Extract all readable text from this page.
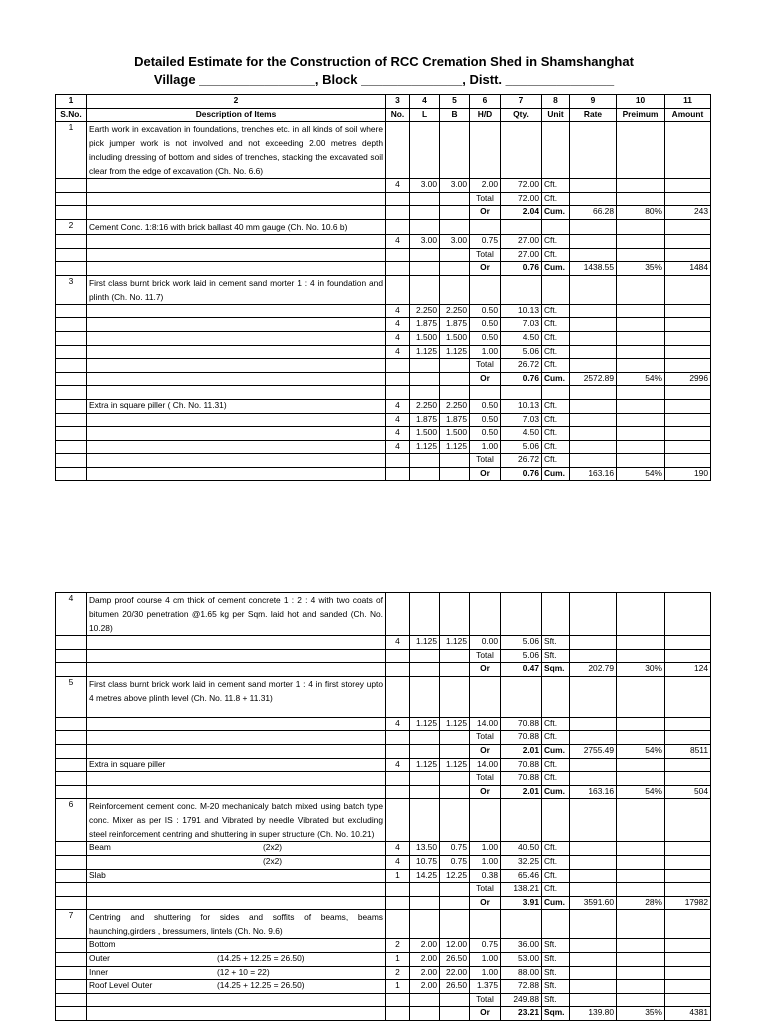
Detailed Estimate for the Construction of RCC Cremation Shed in Shamshanghat
Village ________________, Block ______________, Distt. _______________
1	2	3	4	5	6	7	8	9	10	11
S.No.	Description of Items	No.	L	B	H/D	Qty.	Unit	Rate	Preimum	Amount
1	Earth work in excavation in foundations, trenches etc. in all kinds of soil where pick jumper work is not involved and not exceeding 2.00 metres depth including dressing of bottom and sides of trenches, stacking the excavated soil clear from the edge of excavation (Ch. No. 6.6)									
		4	3.00	3.00	2.00	72.00	Cft.			
					Total	72.00	Cft.			
					Or	2.04	Cum.	66.28	80%	243
2	Cement Conc. 1:8:16 with brick ballast 40 mm gauge (Ch. No. 10.6 b)									
		4	3.00	3.00	0.75	27.00	Cft.			
					Total	27.00	Cft.			
					Or	0.76	Cum.	1438.55	35%	1484
3	First class burnt brick work laid in cement sand morter 1 : 4 in foundation and plinth (Ch. No. 11.7)									
		4	2.250	2.250	0.50	10.13	Cft.			
		4	1.875	1.875	0.50	7.03	Cft.			
		4	1.500	1.500	0.50	4.50	Cft.			
		4	1.125	1.125	1.00	5.06	Cft.			
					Total	26.72	Cft.			
					Or	0.76	Cum.	2572.89	54%	2996

	Extra in square piller ( Ch. No. 11.31)	4	2.250	2.250	0.50	10.13	Cft.			
		4	1.875	1.875	0.50	7.03	Cft.			
		4	1.500	1.500	0.50	4.50	Cft.			
		4	1.125	1.125	1.00	5.06	Cft.			
					Total	26.72	Cft.			
					Or	0.76	Cum.	163.16	54%	190
4	Damp proof course 4 cm thick of cement concrete 1 : 2 : 4 with two coats of bitumen 20/30 penetration @1.65 kg per Sqm. laid hot and sanded (Ch. No. 10.28)									
		4	1.125	1.125	0.00	5.06	Sft.			
					Total	5.06	Sft.			
					Or	0.47	Sqm.	202.79	30%	124
5	First class burnt brick work laid in cement sand morter 1 : 4 in first storey upto 4 metres above plinth level (Ch. No. 11.8 + 11.31)									
		4	1.125	1.125	14.00	70.88	Cft.			
					Total	70.88	Cft.			
					Or	2.01	Cum.	2755.49	54%	8511
	Extra in square piller	4	1.125	1.125	14.00	70.88	Cft.			
					Total	70.88	Cft.			
					Or	2.01	Cum.	163.16	54%	504
6	Reinforcement cement conc. M-20 mechanicaly batch mixed using batch type conc. Mixer as per IS : 1791 and Vibrated by needle Vibrated but excluding steel reinforcement centring and shuttering in super structure (Ch. No. 10.21)									
	Beam (2x2)	4	13.50	0.75	1.00	40.50	Cft.			

	(2x2)	4	10.75	0.75	1.00	32.25	Cft.			
	Slab	1	14.25	12.25	0.38	65.46	Cft.			
					Total	138.21	Cft.			
					Or	3.91	Cum.	3591.60	28%	17982
7	Centring and shuttering for sides and soffits of beams, beams haunching,girders , bressumers, lintels (Ch. No. 9.6)									
	Bottom	2	2.00	12.00	0.75	36.00	Sft.			
	Outer (14.25 + 12.25 = 26.50)	1	2.00	26.50	1.00	53.00	Sft.			
	Inner (12 + 10 = 22)	2	2.00	22.00	1.00	88.00	Sft.			
	Roof Level Outer (14.25 + 12.25 = 26.50)	1	2.00	26.50	1.375	72.88	Sft.			
					Total	249.88	Sft.			
					Or	23.21	Sqm.	139.80	35%	4381
